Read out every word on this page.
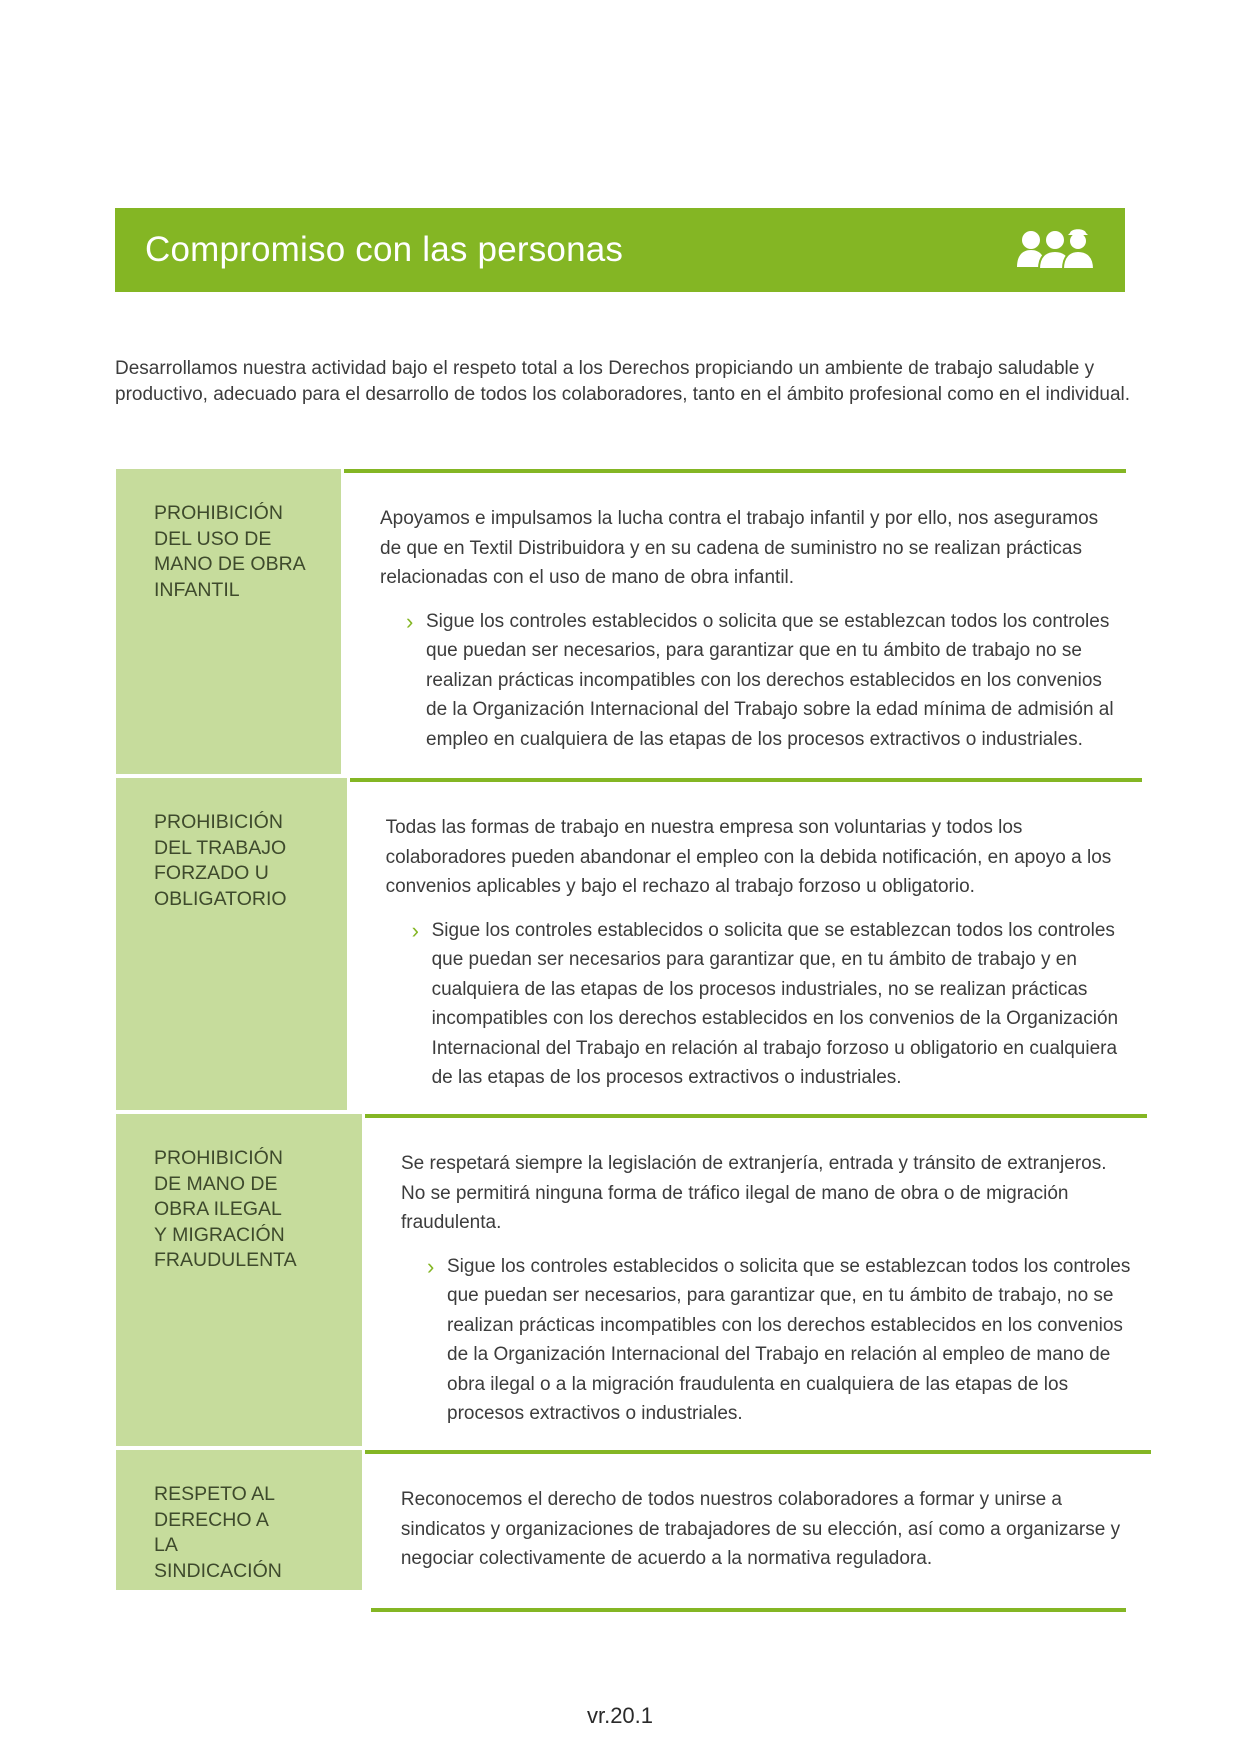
Compromiso con las personas
Desarrollamos nuestra actividad bajo el respeto total a los Derechos propiciando un ambiente de trabajo saludable y productivo, adecuado para el desarrollo de todos los colaboradores, tanto en el ámbito profesional como en el individual.
PROHIBICIÓN DEL USO DE MANO DE OBRA INFANTIL

Apoyamos e impulsamos la lucha contra el trabajo infantil y por ello, nos aseguramos de que en Textil Distribuidora y en su cadena de suministro no se realizan prácticas relacionadas con el uso de mano de obra infantil.

› Sigue los controles establecidos o solicita que se establezcan todos los controles que puedan ser necesarios, para garantizar que en tu ámbito de trabajo no se realizan prácticas incompatibles con los derechos establecidos en los convenios de la Organización Internacional del Trabajo sobre la edad mínima de admisión al empleo en cualquiera de las etapas de los procesos extractivos o industriales.
PROHIBICIÓN DEL TRABAJO FORZADO U OBLIGATORIO

Todas las formas de trabajo en nuestra empresa son voluntarias y todos los colaboradores pueden abandonar el empleo con la debida notificación, en apoyo a los convenios aplicables y bajo el rechazo al trabajo forzoso u obligatorio.

› Sigue los controles establecidos o solicita que se establezcan todos los controles que puedan ser necesarios para garantizar que, en tu ámbito de trabajo y en cualquiera de las etapas de los procesos industriales, no se realizan prácticas incompatibles con los derechos establecidos en los convenios de la Organización Internacional del Trabajo en relación al trabajo forzoso u obligatorio en cualquiera de las etapas de los procesos extractivos o industriales.
PROHIBICIÓN DE MANO DE OBRA ILEGAL Y MIGRACIÓN FRAUDULENTA

Se respetará siempre la legislación de extranjería, entrada y tránsito de extranjeros. No se permitirá ninguna forma de tráfico ilegal de mano de obra o de migración fraudulenta.

› Sigue los controles establecidos o solicita que se establezcan todos los controles que puedan ser necesarios, para garantizar que, en tu ámbito de trabajo, no se realizan prácticas incompatibles con los derechos establecidos en los convenios de la Organización Internacional del Trabajo en relación al empleo de mano de obra ilegal o a la migración fraudulenta en cualquiera de las etapas de los procesos extractivos o industriales.
RESPETO AL DERECHO A LA SINDICACIÓN

Reconocemos el derecho de todos nuestros colaboradores a formar y unirse a sindicatos y organizaciones de trabajadores de su elección, así como a organizarse y negociar colectivamente de acuerdo a la normativa reguladora.

vr.20.1
